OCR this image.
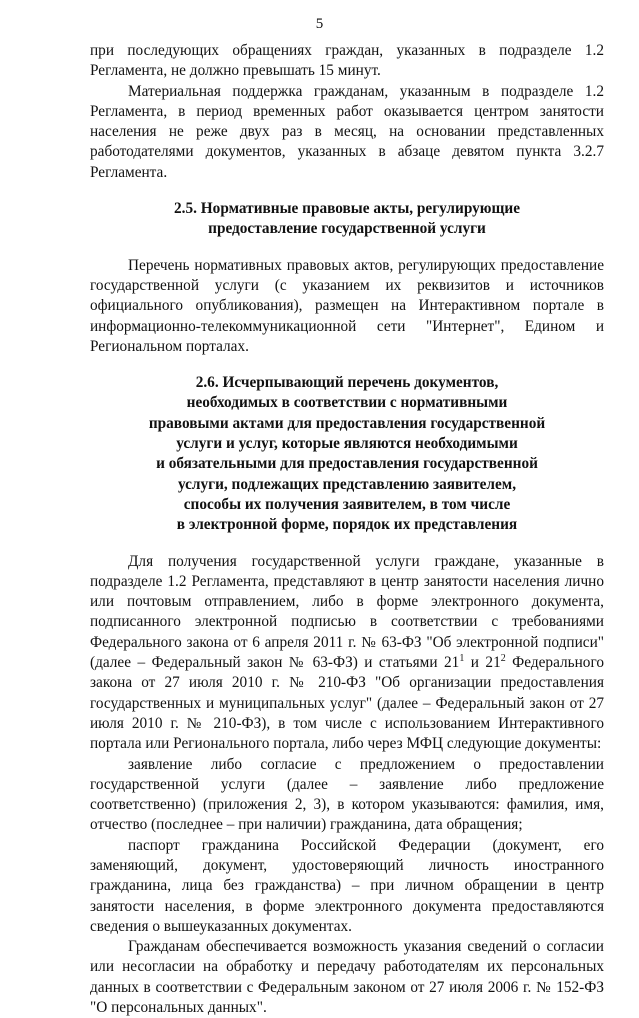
5

при последующих обращениях граждан, указанных в подразделе 1.2 Регламента, не должно превышать 15 минут.

Материальная поддержка гражданам, указанным в подразделе 1.2 Регламента, в период временных работ оказывается центром занятости населения не реже двух раз в месяц, на основании представленных работодателями документов, указанных в абзаце девятом пункта 3.2.7 Регламента.

2.5. Нормативные правовые акты, регулирующие

предоставление государственной услуги

Перечень нормативных правовых актов, регулирующих предоставление государственной услуги (с указанием их реквизитов и источников официального опубликования), размещен на Интерактивном портале в информационно-телекоммуникационной сети "Интернет", Едином и Региональном порталах.

2.6. Исчерпывающий перечень документов,

необходимых в соответствии с нормативными

правовыми актами для предоставления государственной

услуги и услуг, которые являются необходимыми

и обязательными для предоставления государственной

услуги, подлежащих представлению заявителем,

способы их получения заявителем, в том числе

в электронной форме, порядок их представления

Для получения государственной услуги граждане, указанные в подразделе 1.2 Регламента, представляют в центр занятости населения лично или почтовым отправлением, либо в форме электронного документа, подписанного электронной подписью в соответствии с требованиями Федерального закона от 6 апреля 2011 г. № 63-ФЗ "Об электронной подписи" (далее – Федеральный закон № 63-ФЗ) и статьями $21^1$ и $21^2$ Федерального закона от 27 июля 2010 г. № 210-ФЗ "Об организации предоставления государственных и муниципальных услуг" (далее – Федеральный закон от 27 июля 2010 г. № 210-ФЗ), в том числе с использованием Интерактивного портала или Регионального портала, либо через МФЦ следующие документы:

заявление либо согласие с предложением о предоставлении государственной услуги (далее – заявление либо предложение соответственно) (приложения 2, 3), в котором указываются: фамилия, имя, отчество (последнее – при наличии) гражданина, дата обращения;

паспорт гражданина Российской Федерации (документ, его заменяющий, документ, удостоверяющий личность иностранного гражданина, лица без гражданства) – при личном обращении в центр занятости населения, в форме электронного документа предоставляются сведения о вышеуказанных документах.

Гражданам обеспечивается возможность указания сведений о согласии или несогласии на обработку и передачу работодателям их персональных данных в соответствии с Федеральным законом от 27 июля 2006 г. № 152-ФЗ "О персональных данных".
